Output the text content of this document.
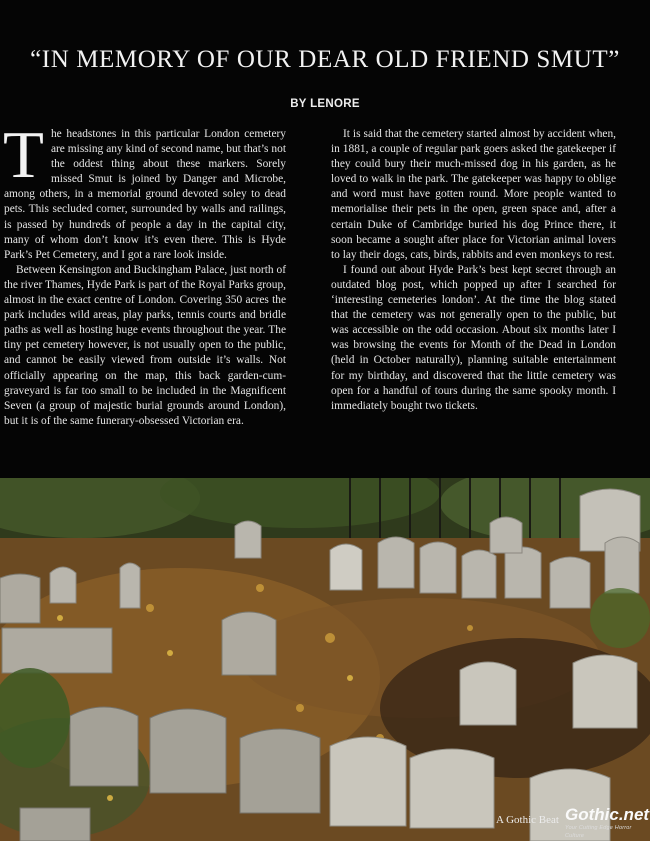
“IN MEMORY OF OUR DEAR OLD FRIEND SMUT”
BY LENORE

T he headstones in this particular London cemetery are missing any kind of second name, but that’s not the oddest thing about these markers. Sorely missed Smut is joined by Danger and Microbe, among others, in a memorial ground devoted soley to dead pets. This secluded corner, surrounded by walls and railings, is passed by hundreds of people a day in the capital city, many of whom don’t know it’s even there. This is Hyde Park’s Pet Cemetery, and I got a rare look inside.

Between Kensington and Buckingham Palace, just north of the river Thames, Hyde Park is part of the Royal Parks group, almost in the exact centre of London. Covering 350 acres the park includes wild areas, play parks, tennis courts and bridle paths as well as hosting huge events throughout the year. The tiny pet cemetery however, is not usually open to the public, and cannot be easily viewed from outside it’s walls. Not officially appearing on the map, this back garden-cum-graveyard is far too small to be included in the Magnificent Seven (a group of majestic burial grounds around London), but it is of the same funerary-obsessed Victorian era.

It is said that the cemetery started almost by accident when, in 1881, a couple of regular park goers asked the gatekeeper if they could bury their much-missed dog in his garden, as he loved to walk in the park. The gatekeeper was happy to oblige and word must have gotten round. More people wanted to memorialise their pets in the open, green space and, after a certain Duke of Cambridge buried his dog Prince there, it soon became a sought after place for Victorian animal lovers to lay their dogs, cats, birds, rabbits and even monkeys to rest.

I found out about Hyde Park’s best kept secret through an outdated blog post, which popped up after I searched for ‘interesting cemeteries london’. At the time the blog stated that the cemetery was not generally open to the public, but was accessible on the odd occasion. About six months later I was browsing the events for Month of the Dead in London (held in October naturally), planning suitable entertainment for my birthday, and discovered that the little cemetery was open for a handful of tours during the same spooky month. I immediately bought two tickets.

A Gothic Beat Gothic.net
Your Cutting Edge Horror Culture
